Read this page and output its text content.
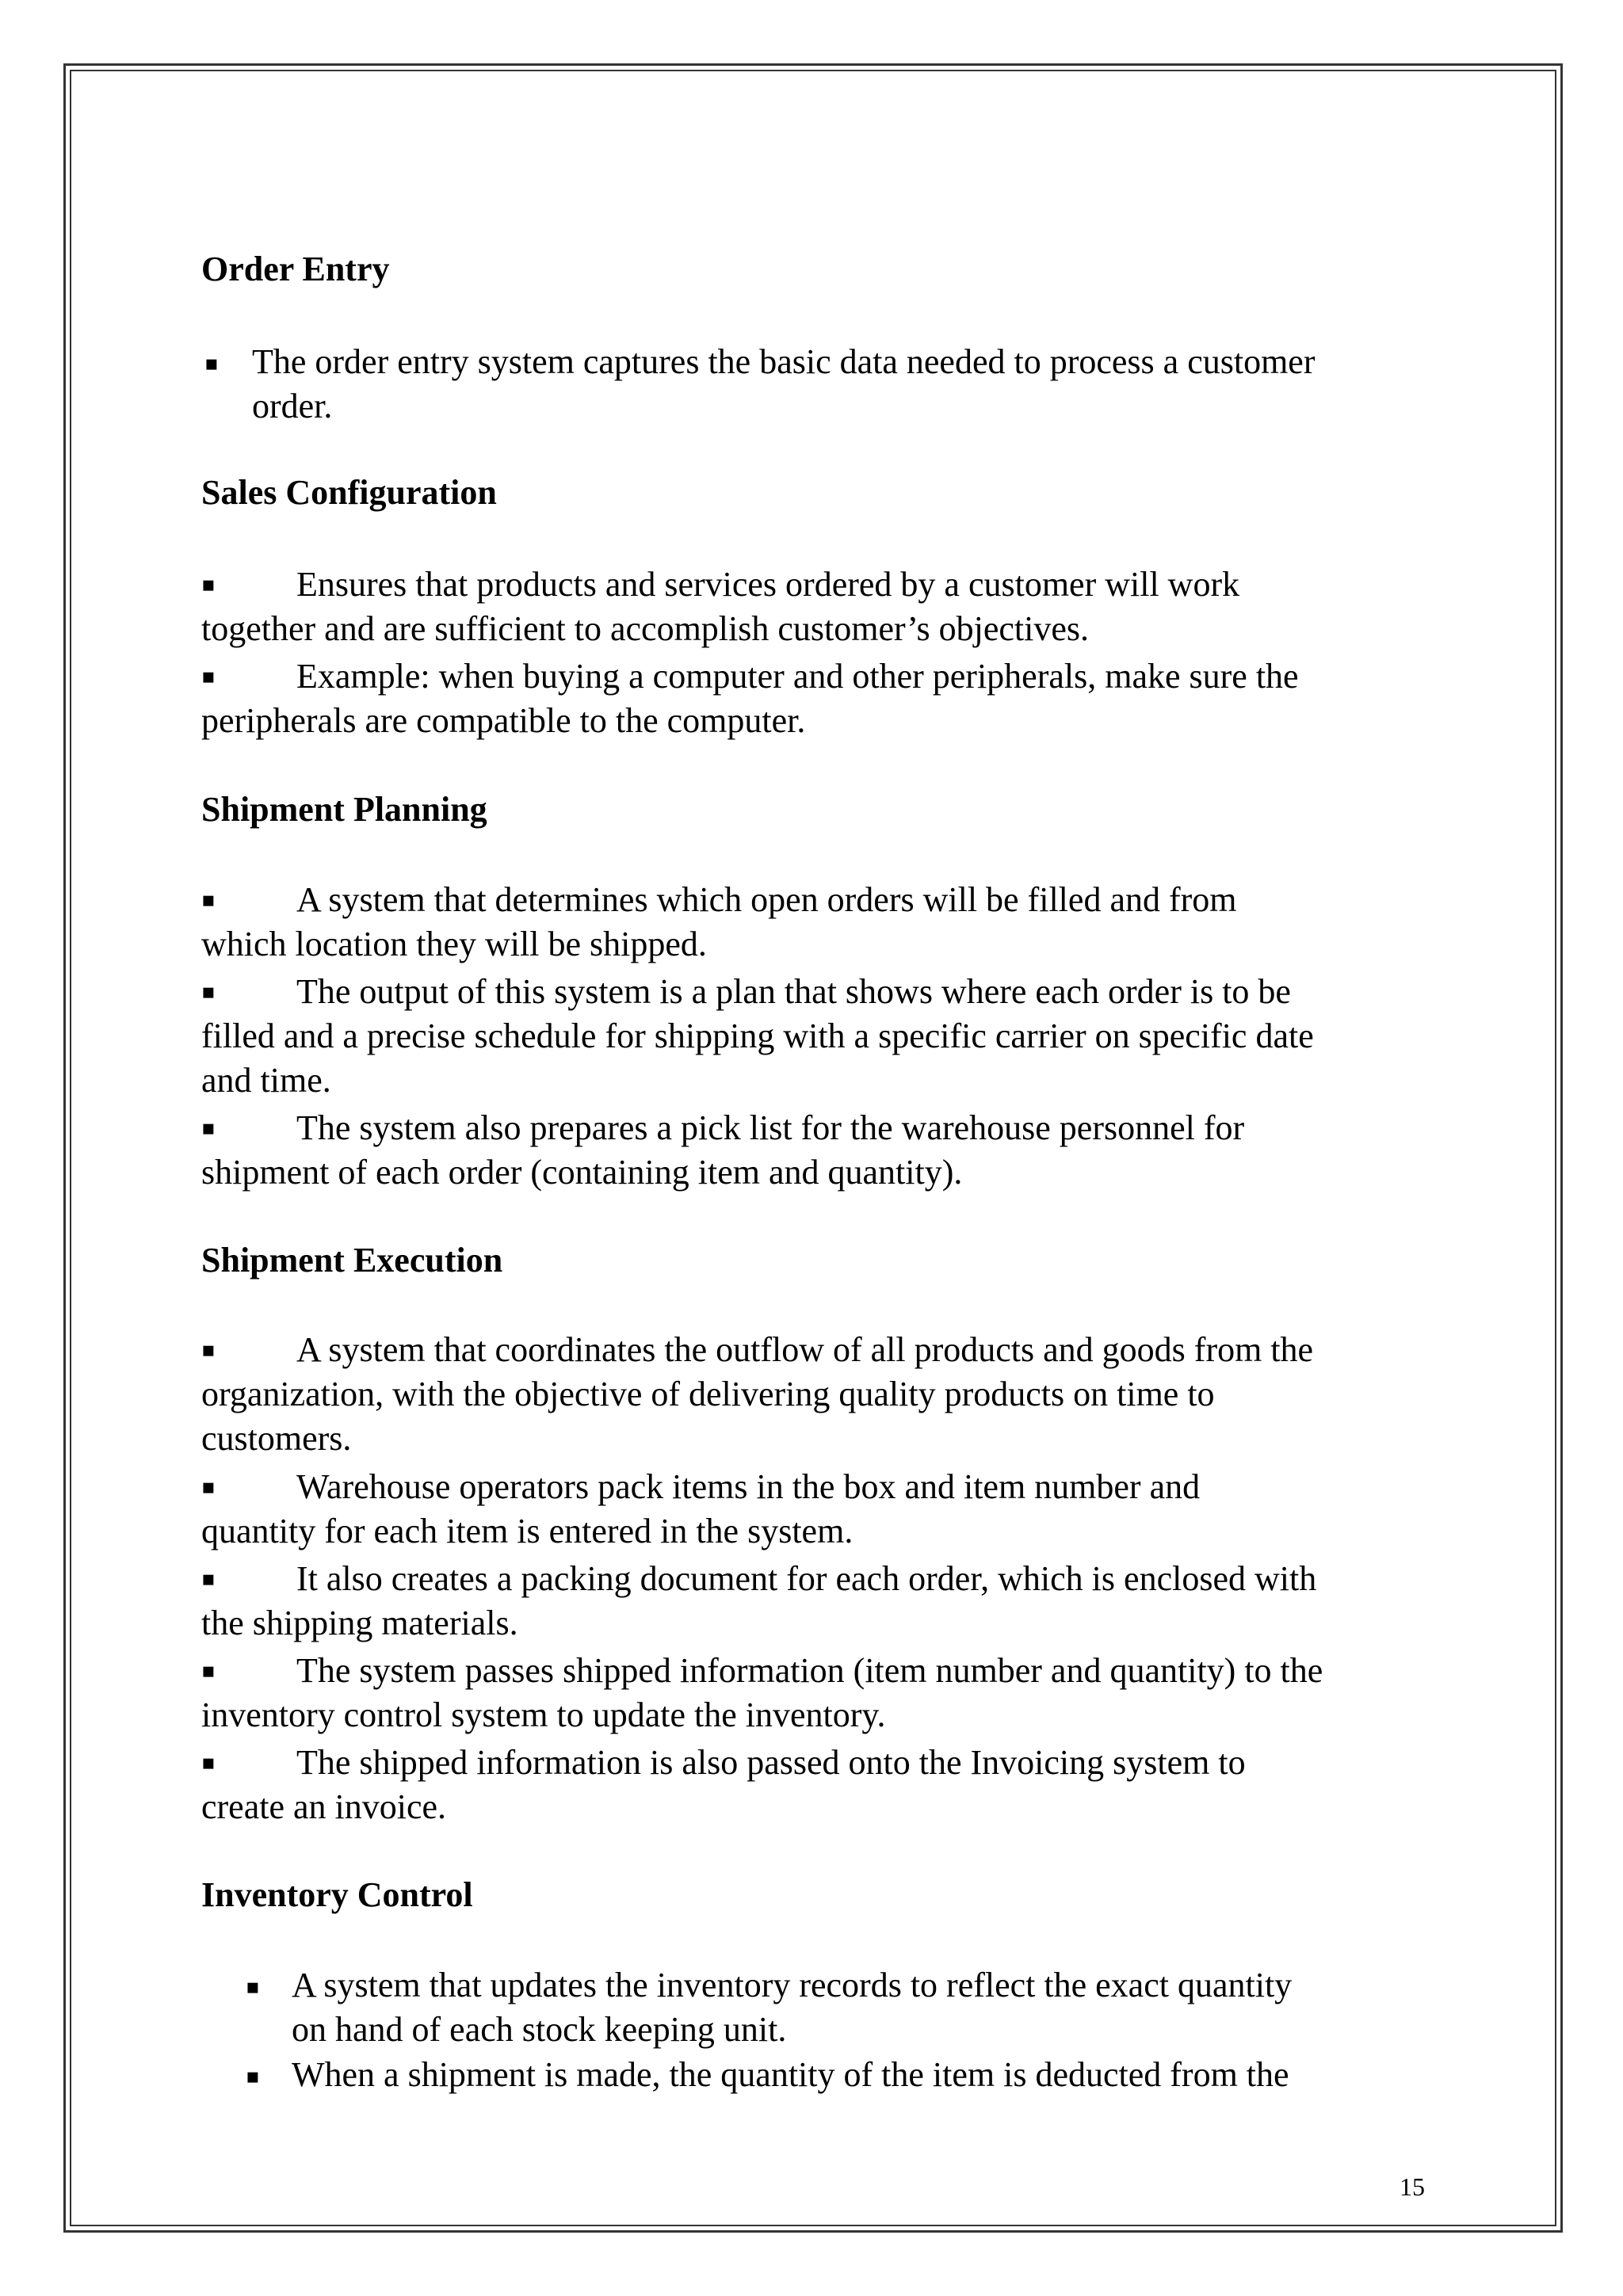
Order Entry
▪ The order entry system captures the basic data needed to process a customer
order.
Sales Configuration
▪ Ensures that products and services ordered by a customer will work
together and are sufficient to accomplish customer’s objectives.
▪ Example: when buying a computer and other peripherals, make sure the
peripherals are compatible to the computer.
Shipment Planning
▪ A system that determines which open orders will be filled and from
which location they will be shipped.
▪ The output of this system is a plan that shows where each order is to be
filled and a precise schedule for shipping with a specific carrier on specific date
and time.
▪ The system also prepares a pick list for the warehouse personnel for
shipment of each order (containing item and quantity).
Shipment Execution
▪ A system that coordinates the outflow of all products and goods from the
organization, with the objective of delivering quality products on time to
customers.
▪ Warehouse operators pack items in the box and item number and
quantity for each item is entered in the system.
▪ It also creates a packing document for each order, which is enclosed with
the shipping materials.
▪ The system passes shipped information (item number and quantity) to the
inventory control system to update the inventory.
▪ The shipped information is also passed onto the Invoicing system to
create an invoice.
Inventory Control
▪ A system that updates the inventory records to reflect the exact quantity
on hand of each stock keeping unit.
▪ When a shipment is made, the quantity of the item is deducted from the
15
